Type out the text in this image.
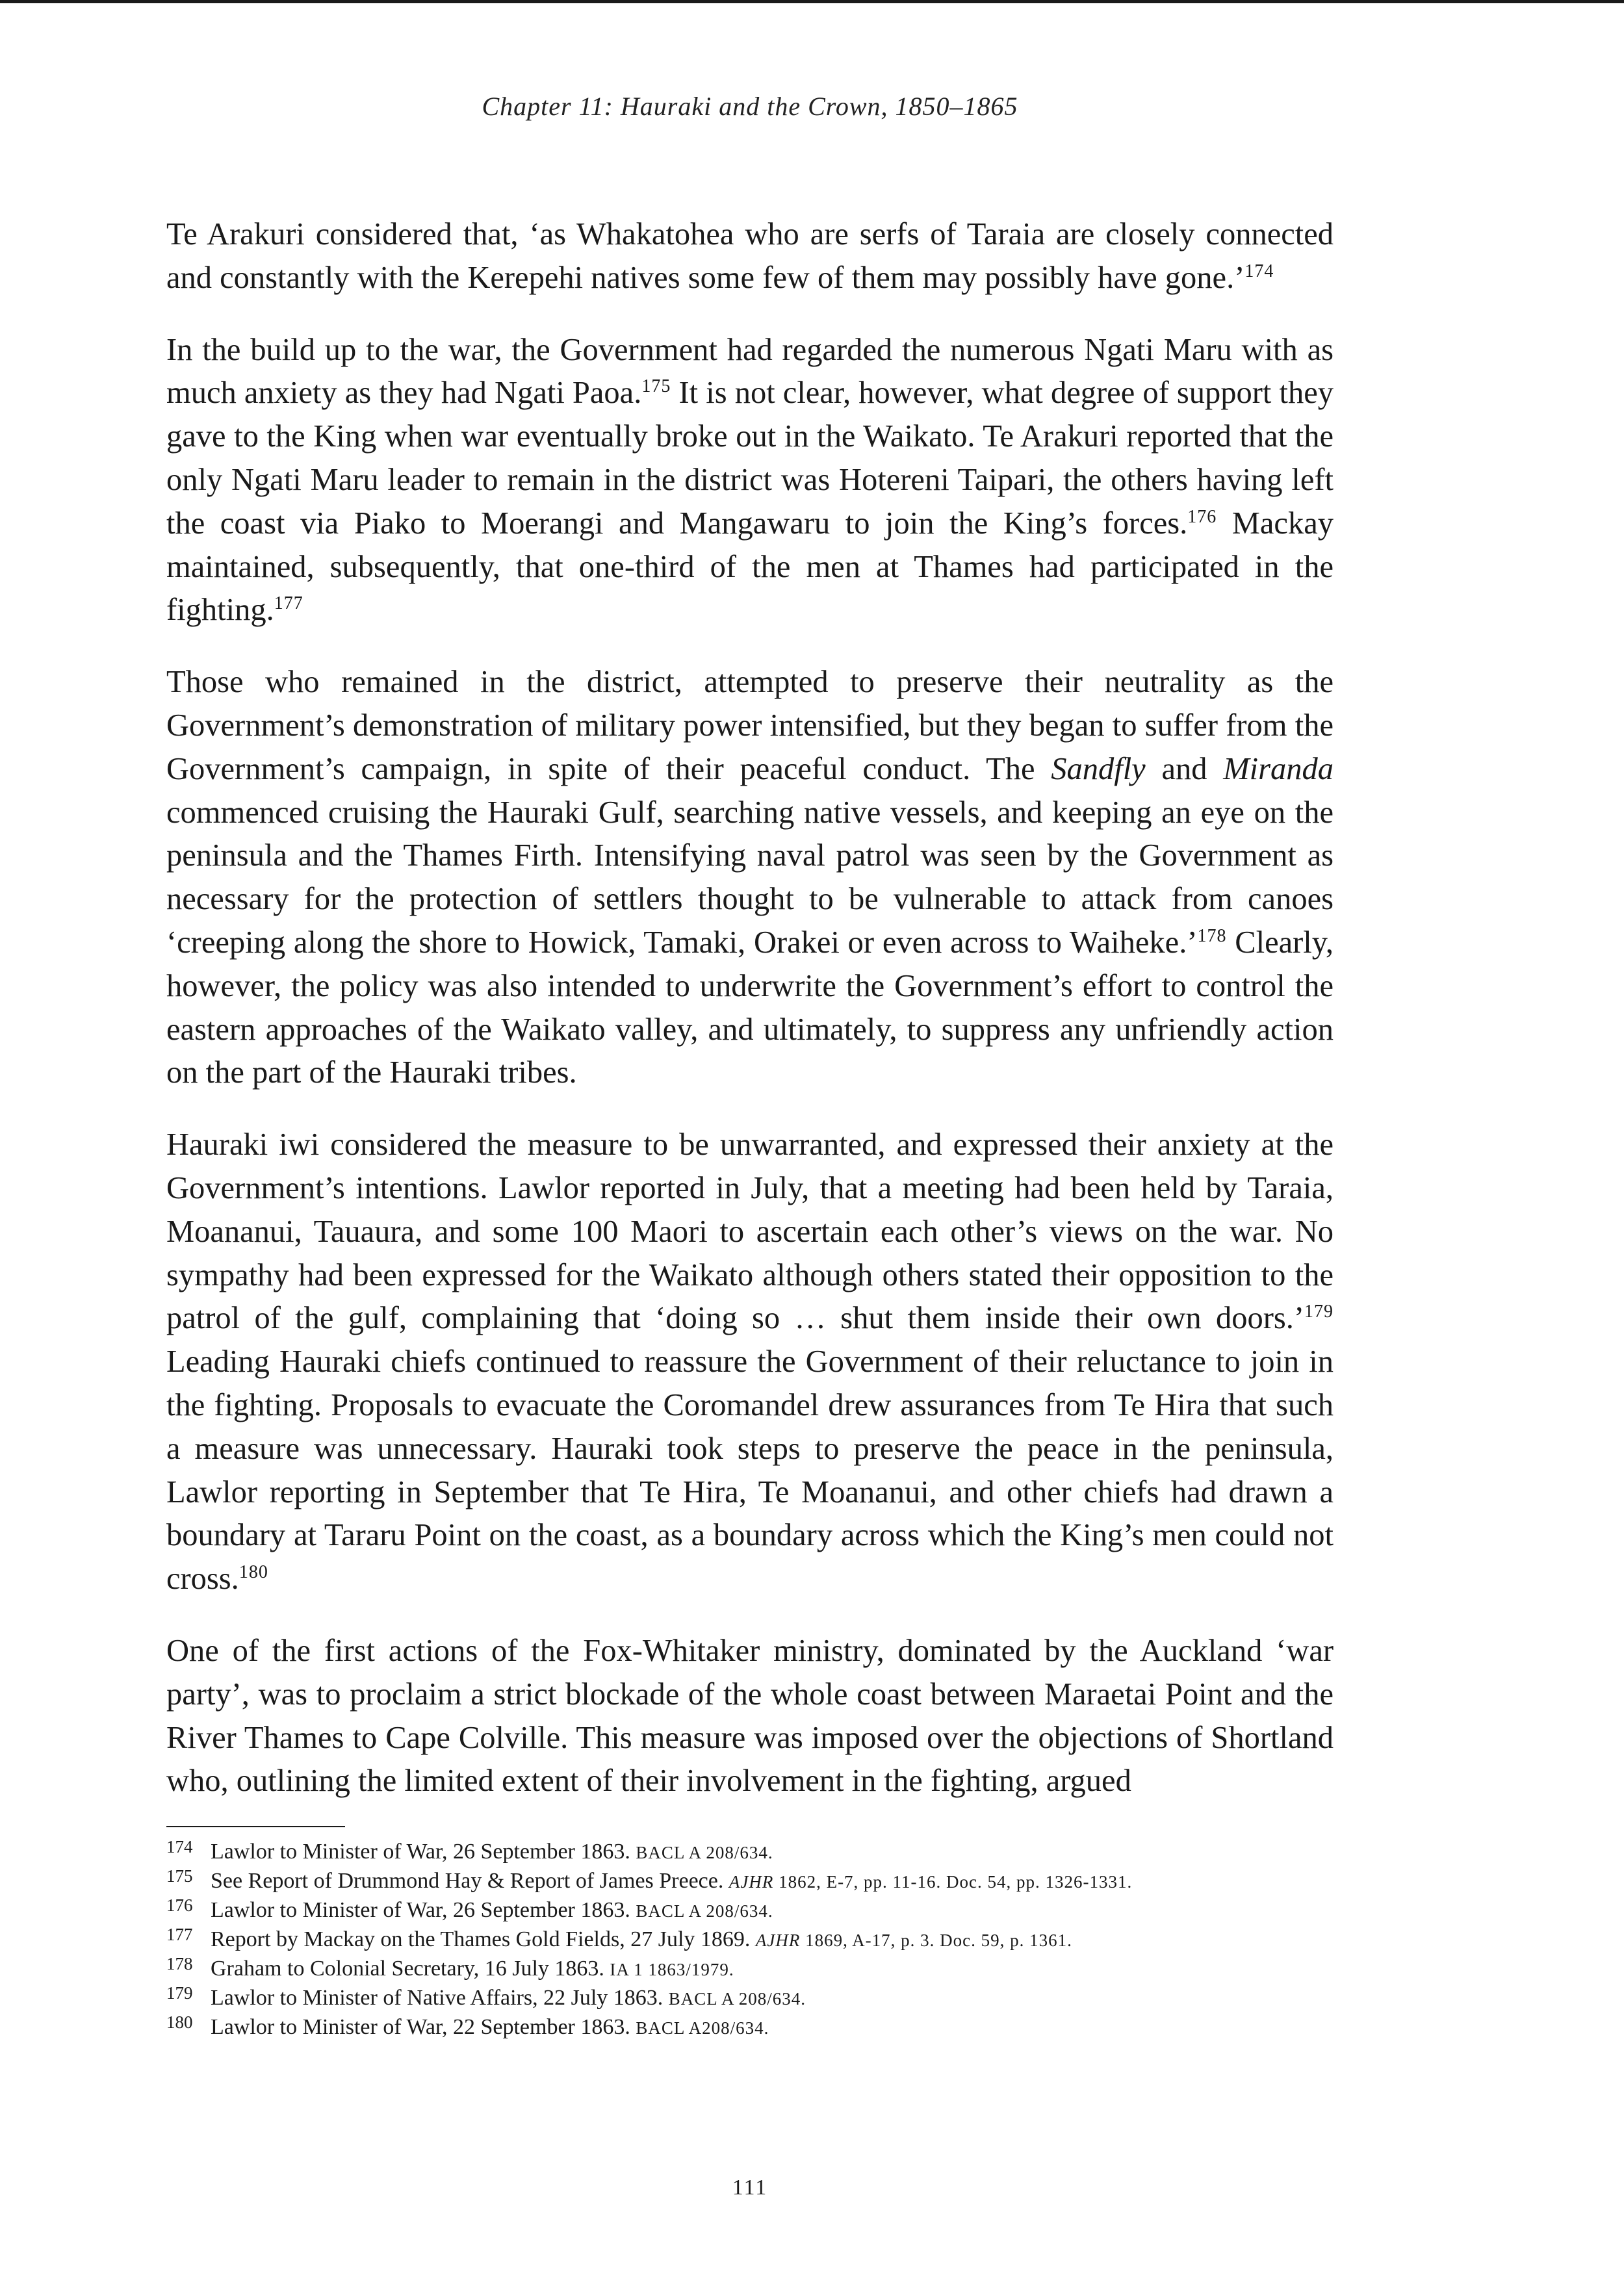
Chapter 11: Hauraki and the Crown, 1850–1865

Te Arakuri considered that, ‘as Whakatohea who are serfs of Taraia are closely connected and constantly with the Kerepehi natives some few of them may possibly have gone.’$^{174}$

In the build up to the war, the Government had regarded the numerous Ngati Maru with as much anxiety as they had Ngati Paoa.$^{175}$ It is not clear, however, what degree of support they gave to the King when war eventually broke out in the Waikato. Te Arakuri reported that the only Ngati Maru leader to remain in the district was Hotereni Taipari, the others having left the coast via Piako to Moerangi and Mangawaru to join the King’s forces.$^{176}$ Mackay maintained, subsequently, that one-third of the men at Thames had participated in the fighting.$^{177}$

Those who remained in the district, attempted to preserve their neutrality as the Government’s demonstration of military power intensified, but they began to suffer from the Government’s campaign, in spite of their peaceful conduct. The Sandfly and Miranda commenced cruising the Hauraki Gulf, searching native vessels, and keeping an eye on the peninsula and the Thames Firth. Intensifying naval patrol was seen by the Government as necessary for the protection of settlers thought to be vulnerable to attack from canoes ‘creeping along the shore to Howick, Tamaki, Orakei or even across to Waiheke.’$^{178}$ Clearly, however, the policy was also intended to underwrite the Government’s effort to control the eastern approaches of the Waikato valley, and ultimately, to suppress any unfriendly action on the part of the Hauraki tribes.

Hauraki iwi considered the measure to be unwarranted, and expressed their anxiety at the Government’s intentions. Lawlor reported in July, that a meeting had been held by Taraia, Moananui, Tauaura, and some 100 Maori to ascertain each other’s views on the war. No sympathy had been expressed for the Waikato although others stated their opposition to the patrol of the gulf, complaining that ‘doing so … shut them inside their own doors.’$^{179}$ Leading Hauraki chiefs continued to reassure the Government of their reluctance to join in the fighting. Proposals to evacuate the Coromandel drew assurances from Te Hira that such a measure was unnecessary. Hauraki took steps to preserve the peace in the peninsula, Lawlor reporting in September that Te Hira, Te Moananui, and other chiefs had drawn a boundary at Tararu Point on the coast, as a boundary across which the King’s men could not cross.$^{180}$

One of the first actions of the Fox-Whitaker ministry, dominated by the Auckland ‘war party’, was to proclaim a strict blockade of the whole coast between Maraetai Point and the River Thames to Cape Colville. This measure was imposed over the objections of Shortland who, outlining the limited extent of their involvement in the fighting, argued

174 Lawlor to Minister of War, 26 September 1863. BACL A 208/634.
175 See Report of Drummond Hay & Report of James Preece. AJHR 1862, E-7, pp. 11-16. Doc. 54, pp. 1326-1331.
176 Lawlor to Minister of War, 26 September 1863. BACL A 208/634.
177 Report by Mackay on the Thames Gold Fields, 27 July 1869. AJHR 1869, A-17, p. 3. Doc. 59, p. 1361.
178 Graham to Colonial Secretary, 16 July 1863. IA 1 1863/1979.
179 Lawlor to Minister of Native Affairs, 22 July 1863. BACL A 208/634.
180 Lawlor to Minister of War, 22 September 1863. BACL A208/634.
111
